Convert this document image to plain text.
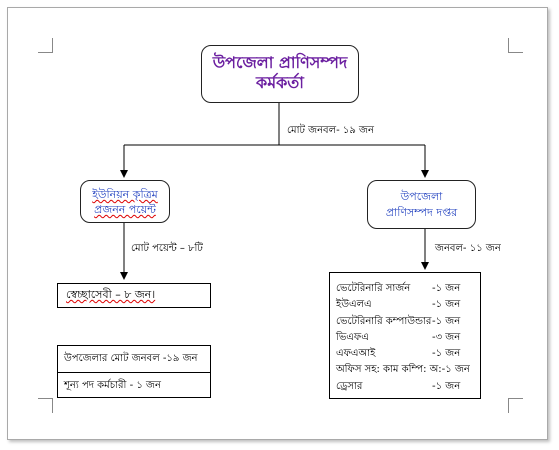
উপজেলা প্রাণিসম্পদ
কর্মকর্তা
মোট জনবল- ১৯ জন
ইউনিয়ন কৃত্রিম
প্রজনন পয়েন্ট
মোট পয়েন্ট – ৮টি
স্বেচ্ছাসেবী – ৮ জন।
উপজেলার মোট জনবল -১৯ জন
শূন্য পদ কর্মচারী - ১ জন
উপজেলা
প্রাণিসম্পদ দপ্তর
জনবল- ১১ জন
ভেটেরিনারি সার্জন	-১ জন
ইউএলএ	-১ জন
ভেটেরিনারি কম্পাউন্ডার -১ জন
ভিএফএ	-৩ জন
এফএআই	-১ জন
অফিস সহ: কাম কম্পি: অ: -১ জন
ড্রেসার	-১ জন
